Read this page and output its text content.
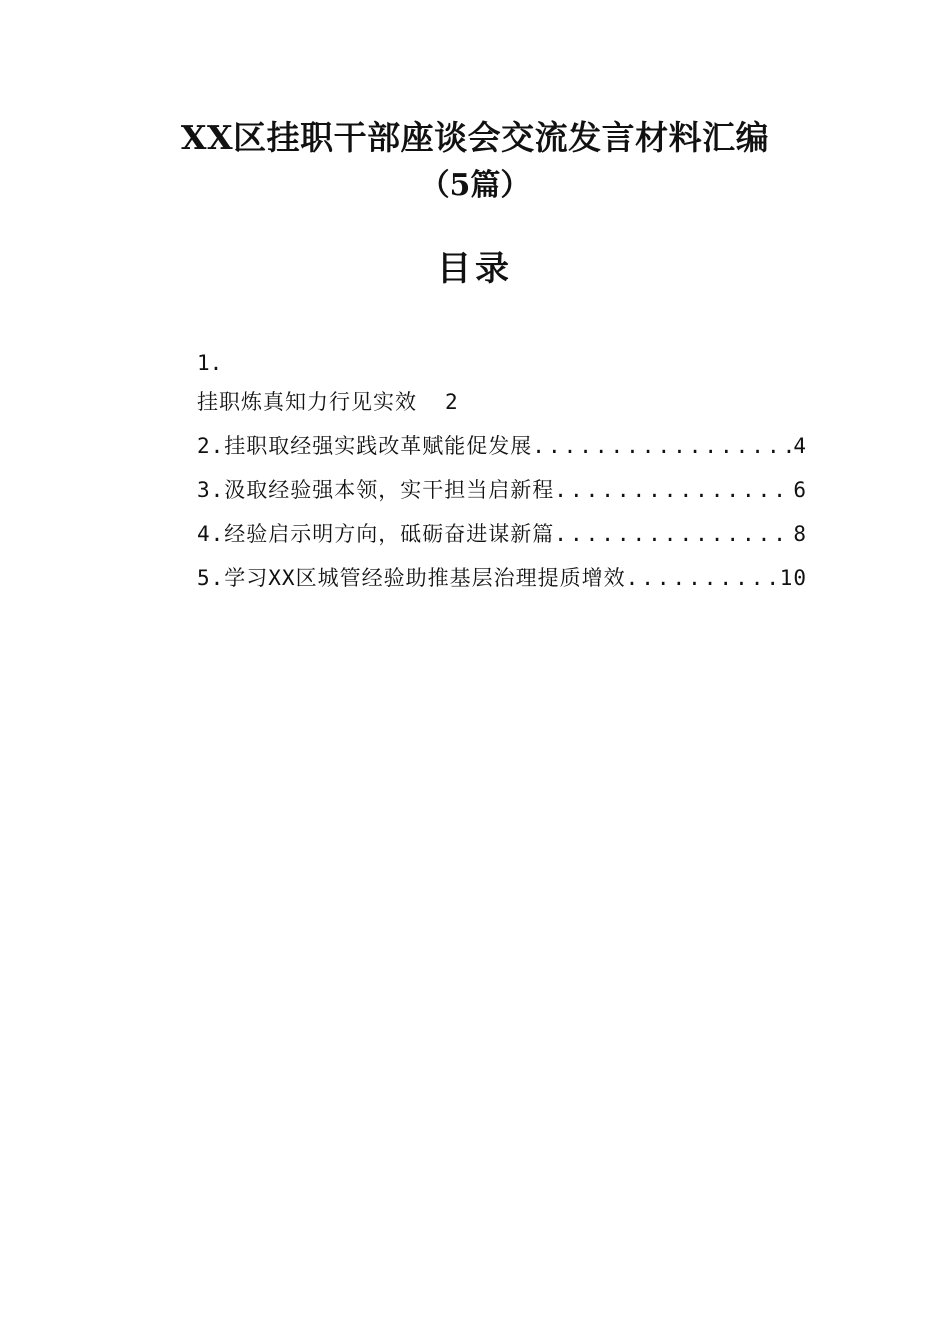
XX区挂职干部座谈会交流发言材料汇编
（5篇）
目录
1.
挂职炼真知力行见实效 2
2.挂职取经强实践改革赋能促发展 .....	4
3.汲取经验强本领，实干担当启新程 .....	6
4.经验启示明方向，砥砺奋进谋新篇 .....	8
5.学习XX区城管经验助推基层治理提质增效 .....	10
